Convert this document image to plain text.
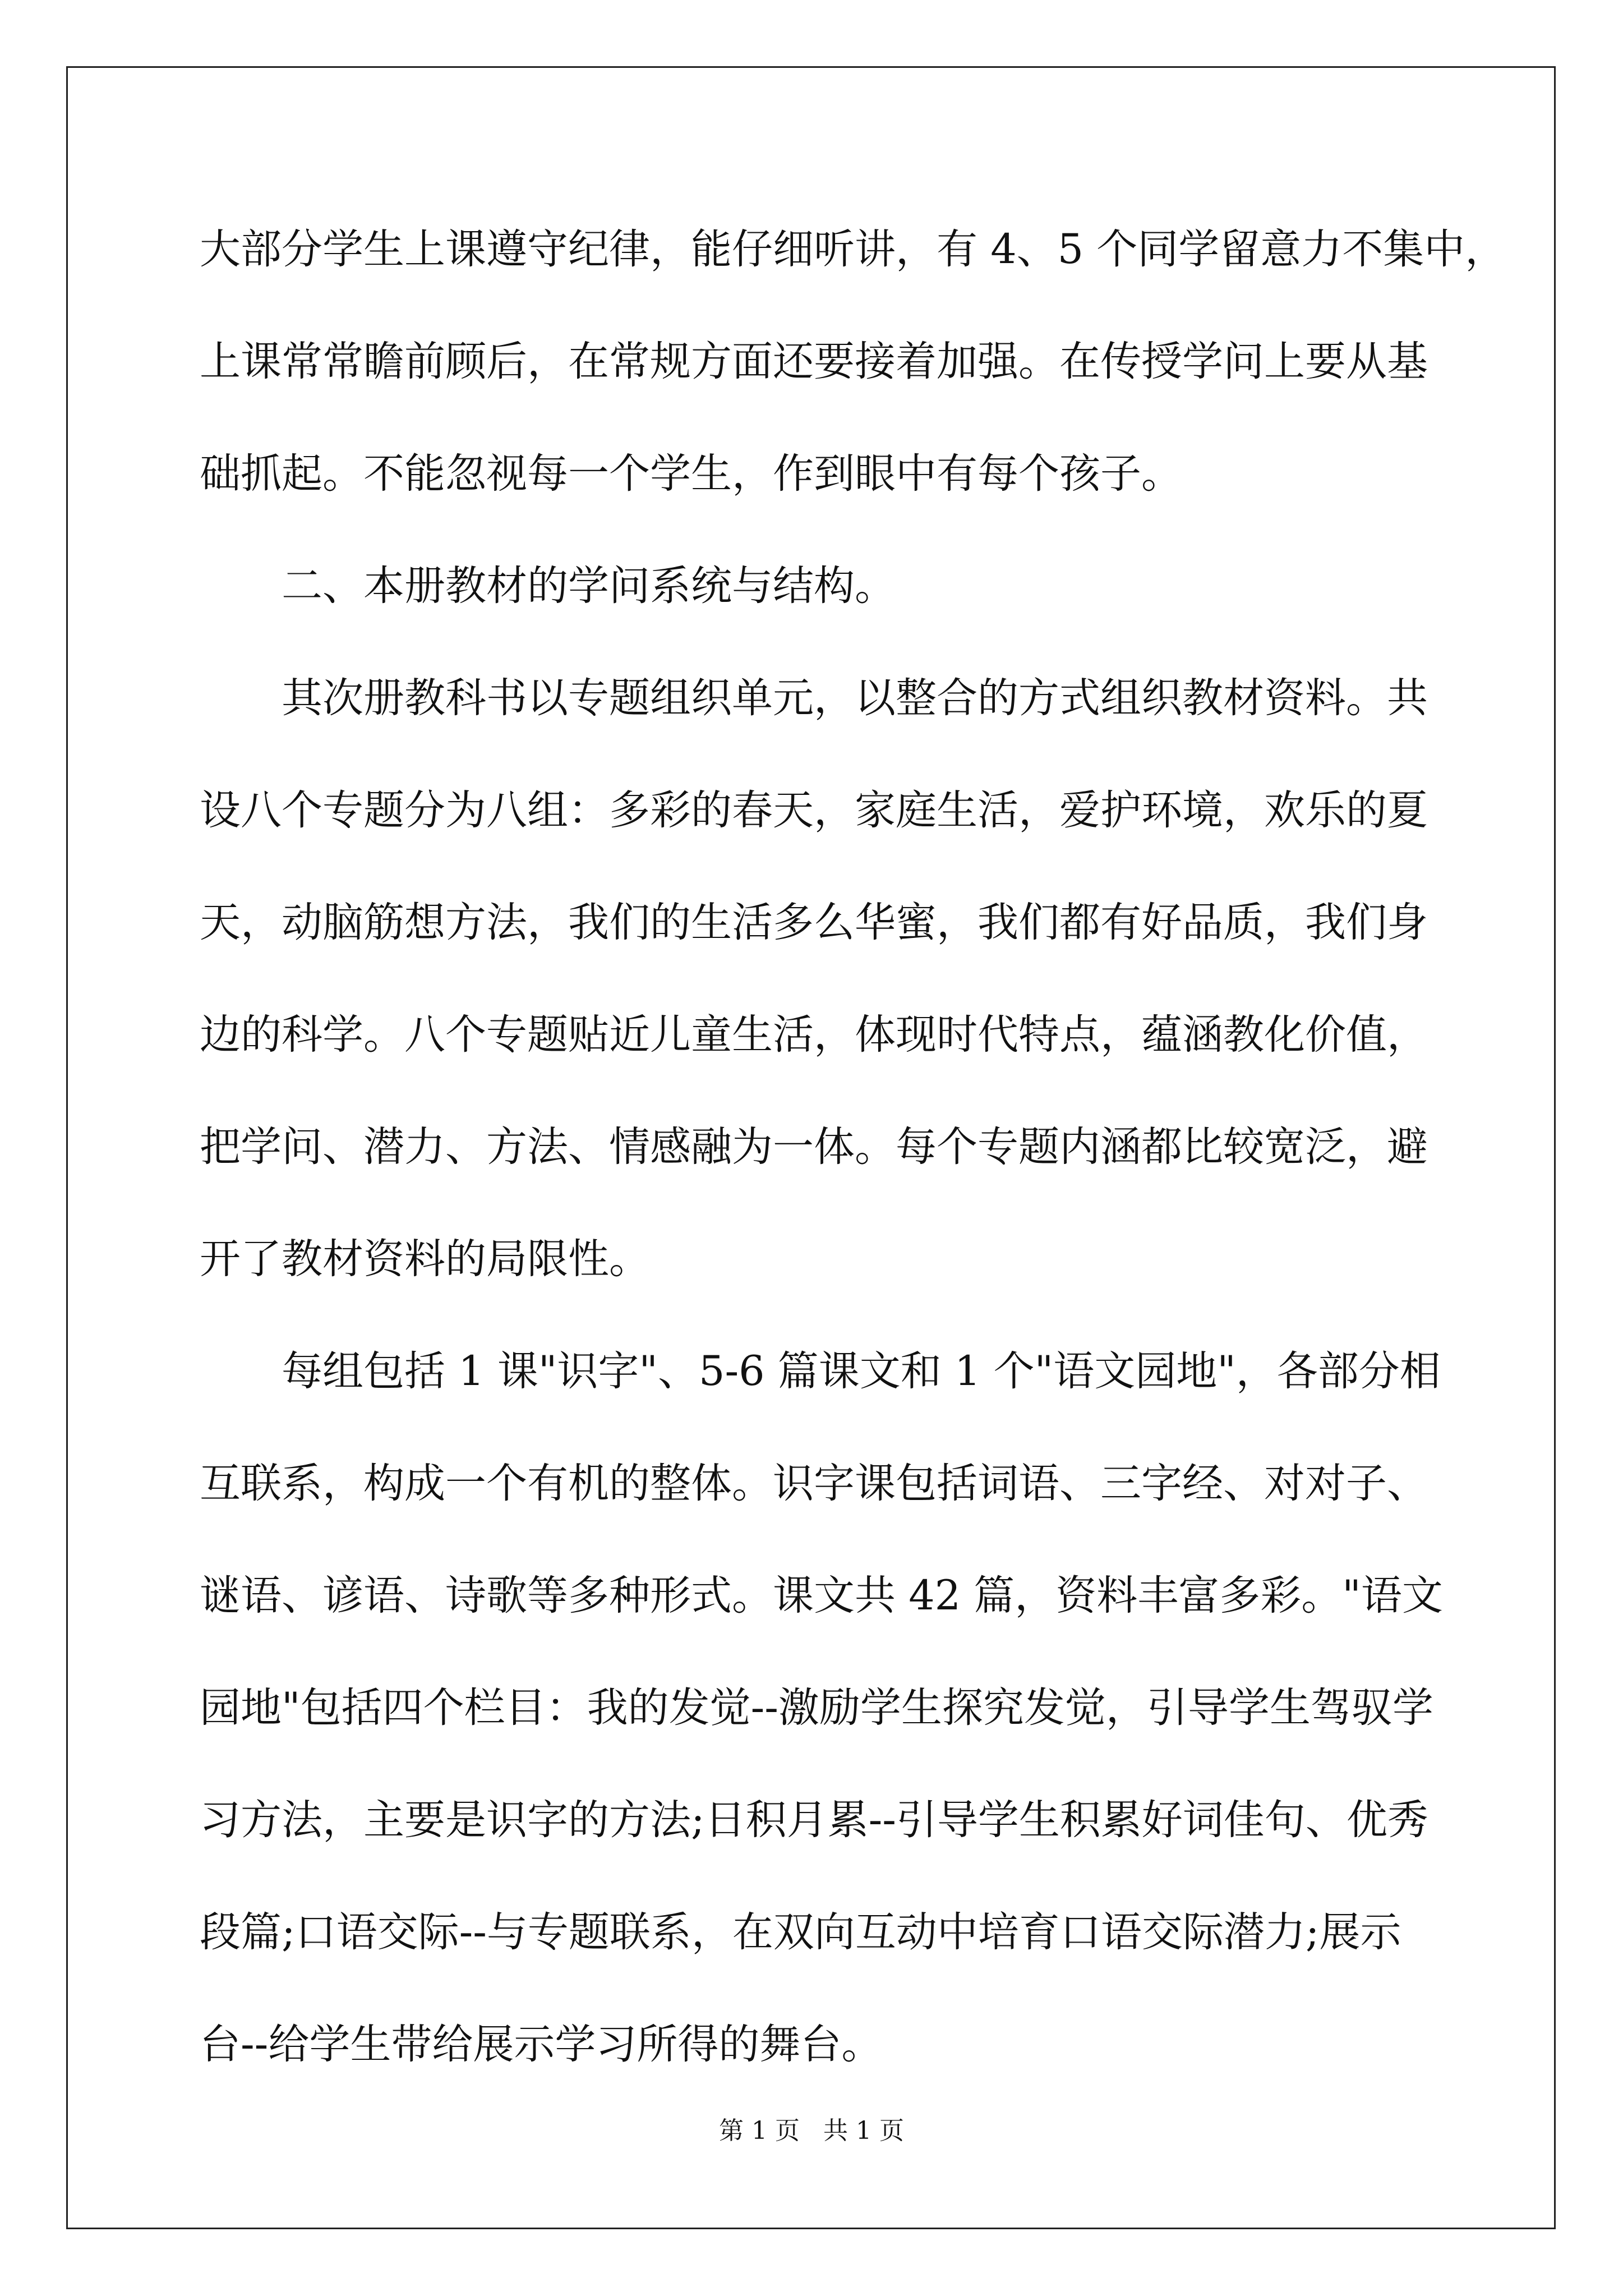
大部分学生上课遵守纪律，能仔细听讲，有 4、5 个同学留意力不集中，

上课常常瞻前顾后，在常规方面还要接着加强。在传授学问上要从基

础抓起。不能忽视每一个学生，作到眼中有每个孩子。

二、本册教材的学问系统与结构。

其次册教科书以专题组织单元，以整合的方式组织教材资料。共

设八个专题分为八组：多彩的春天，家庭生活，爱护环境，欢乐的夏

天，动脑筋想方法，我们的生活多么华蜜，我们都有好品质，我们身

边的科学。八个专题贴近儿童生活，体现时代特点，蕴涵教化价值，

把学问、潜力、方法、情感融为一体。每个专题内涵都比较宽泛，避

开了教材资料的局限性。

每组包括 1 课"识字"、5-6 篇课文和 1 个"语文园地"，各部分相

互联系，构成一个有机的整体。识字课包括词语、三字经、对对子、

谜语、谚语、诗歌等多种形式。课文共 42 篇，资料丰富多彩。"语文

园地"包括四个栏目：我的发觉--激励学生探究发觉，引导学生驾驭学

习方法，主要是识字的方法;日积月累--引导学生积累好词佳句、优秀

段篇;口语交际--与专题联系，在双向互动中培育口语交际潜力;展示

台--给学生带给展示学习所得的舞台。

第 1 页   共 1 页
